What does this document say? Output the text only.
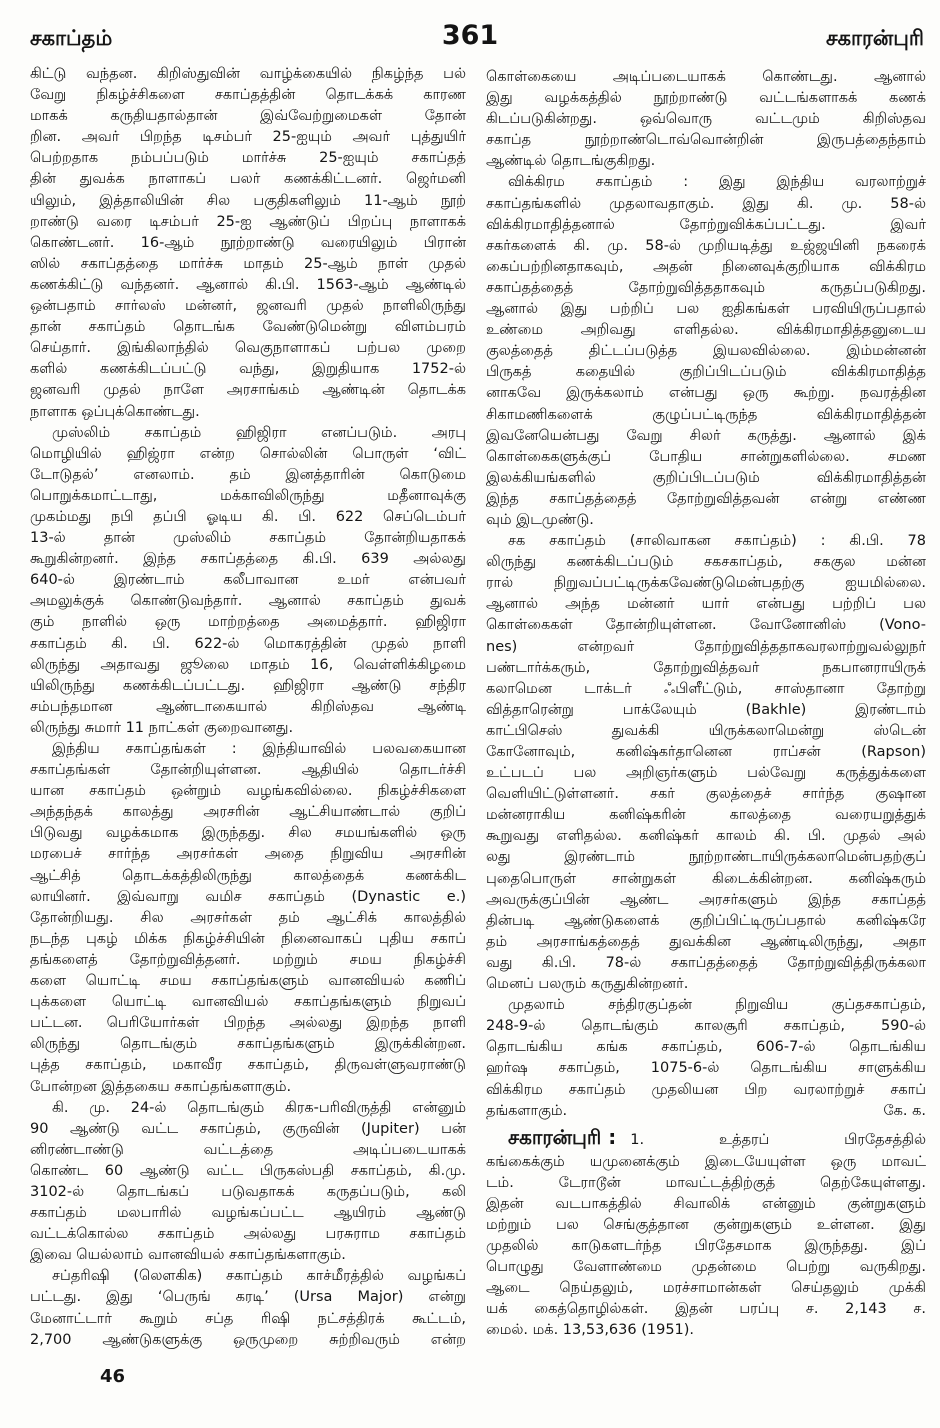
சகாப்தம்	361	சகாரன்புரி
கிட்டு வந்தன. கிறிஸ்துவின் வாழ்க்கையில் நிகழ்ந்த பல்
வேறு நிகழ்ச்சிகளை சகாப்தத்தின் தொடக்கக் காரண
மாகக் கருதியதால்தான் இவ்வேற்றுமைகள் தோன்
றின. அவர் பிறந்த டிசம்பர் 25-ஐயும் அவர் புத்துயிர்
பெற்றதாக நம்பப்படும் மார்ச்சு 25-ஐயும் சகாப்தத்
தின் துவக்க நாளாகப் பலர் கணக்கிட்டனர். ஜெர்மனி
யிலும், இத்தாலியின் சில பகுதிகளிலும் 11-ஆம் நூற்
றாண்டு வரை டிசம்பர் 25-ஐ ஆண்டுப் பிறப்பு நாளாகக்
கொண்டனர். 16-ஆம் நூற்றாண்டு வரையிலும் பிரான்
ஸில் சகாப்தத்தை மார்ச்சு மாதம் 25-ஆம் நாள் முதல்
கணக்கிட்டு வந்தனர். ஆனால் கி.பி. 1563-ஆம் ஆண்டில்
ஒன்பதாம் சார்லஸ் மன்னர், ஜனவரி முதல் நாளிலிருந்து
தான் சகாப்தம் தொடங்க வேண்டுமென்று விளம்பரம்
செய்தார். இங்கிலாந்தில் வெகுநாளாகப் பற்பல முறை
களில் கணக்கிடப்பட்டு வந்து, இறுதியாக 1752-ல்
ஜனவரி முதல் நாளே அரசாங்கம் ஆண்டின் தொடக்க
நாளாக ஒப்புக்கொண்டது.
முஸ்லிம் சகாப்தம் ஹிஜிரா எனப்படும். அரபு
மொழியில் ஹிஜ்ரா என்ற சொல்லின் பொருள் ‘விட்
டோடுதல்’ எனலாம். தம் இனத்தாரின் கொடுமை
பொறுக்கமாட்டாது, மக்காவிலிருந்து மதீனாவுக்கு
முகம்மது நபி தப்பி ஓடிய கி. பி. 622 செப்டெம்பர்
13-ல் தான் முஸ்லிம் சகாப்தம் தோன்றியதாகக்
கூறுகின்றனர். இந்த சகாப்தத்தை கி.பி. 639 அல்லது
640-ல் இரண்டாம் கலீபாவான உமர் என்பவர்
அமலுக்குக் கொண்டுவந்தார். ஆனால் சகாப்தம் துவக்
கும் நாளில் ஒரு மாற்றத்தை அமைத்தார். ஹிஜிரா
சகாப்தம் கி. பி. 622-ல் மொகரத்தின் முதல் நாளி
லிருந்து அதாவது ஜூலை மாதம் 16, வெள்ளிக்கிழமை
யிலிருந்து கணக்கிடப்பட்டது. ஹிஜிரா ஆண்டு சந்திர
சம்பந்தமான ஆண்டாகையால் கிறிஸ்தவ ஆண்டி
லிருந்து சுமார் 11 நாட்கள் குறைவானது.
இந்திய சகாப்தங்கள் : இந்தியாவில் பலவகையான
சகாப்தங்கள் தோன்றியுள்ளன. ஆதியில் தொடர்ச்சி
யான சகாப்தம் ஒன்றும் வழங்கவில்லை. நிகழ்ச்சிகளை
அந்தந்தக் காலத்து அரசரின் ஆட்சியாண்டால் குறிப்
பிடுவது வழக்கமாக இருந்தது. சில சமயங்களில் ஒரு
மரபைச் சார்ந்த அரசர்கள் அதை நிறுவிய அரசரின்
ஆட்சித் தொடக்கத்திலிருந்து காலத்தைக் கணக்கிட
லாயினர். இவ்வாறு வமிச சகாப்தம் (Dynastic e.)
தோன்றியது. சில அரசர்கள் தம் ஆட்சிக் காலத்தில்
நடந்த புகழ் மிக்க நிகழ்ச்சியின் நினைவாகப் புதிய சகாப்
தங்களைத் தோற்றுவித்தனர். மற்றும் சமய நிகழ்ச்சி
களை யொட்டி சமய சகாப்தங்களும் வானவியல் கணிப்
புக்களை யொட்டி வானவியல் சகாப்தங்களும் நிறுவப்
பட்டன. பெரியோர்கள் பிறந்த அல்லது இறந்த நாளி
லிருந்து தொடங்கும் சகாப்தங்களும் இருக்கின்றன.
புத்த சகாப்தம், மகாவீர சகாப்தம், திருவள்ளுவராண்டு
போன்றன இத்தகைய சகாப்தங்களாகும்.
கி. மு. 24-ல் தொடங்கும் கிரக-பரிவிருத்தி என்னும்
90 ஆண்டு வட்ட சகாப்தம், குருவின் (Jupiter) பன்
னிரண்டாண்டு வட்டத்தை அடிப்படையாகக்
கொண்ட 60 ஆண்டு வட்ட பிருகஸ்பதி சகாப்தம், கி.மு.
3102-ல் தொடங்கப் படுவதாகக் கருதப்படும், கலி
சகாப்தம் மலபாரில் வழங்கப்பட்ட ஆயிரம் ஆண்டு
வட்டக்கொல்ல சகாப்தம் அல்லது பரசுராம சகாப்தம்
இவை யெல்லாம் வானவியல் சகாப்தங்களாகும்.
சப்தரிஷி (லௌகிக) சகாப்தம் காச்மீரத்தில் வழங்கப்
பட்டது. இது ‘பெருங் கரடி’ (Ursa Major) என்று
மேனாட்டார் கூறும் சப்த ரிஷி நட்சத்திரக் கூட்டம்,
2,700 ஆண்டுகளுக்கு ஒருமுறை சுற்றிவரும் என்ற
கொள்கையை அடிப்படையாகக் கொண்டது. ஆனால்
இது வழக்கத்தில் நூற்றாண்டு வட்டங்களாகக் கணக்
கிடப்படுகின்றது. ஒவ்வொரு வட்டமும் கிறிஸ்தவ
சகாப்த நூற்றாண்டொவ்வொன்றின் இருபத்தைந்தாம்
ஆண்டில் தொடங்குகிறது.
விக்கிரம சகாப்தம் : இது இந்திய வரலாற்றுச்
சகாப்தங்களில் முதலாவதாகும். இது கி. மு. 58-ல்
விக்கிரமாதித்தனால் தோற்றுவிக்கப்பட்டது. இவர்
சகர்களைக் கி. மு. 58-ல் முறியடித்து உஜ்ஜயினி நகரைக்
கைப்பற்றினதாகவும், அதன் நினைவுக்குறியாக விக்கிரம
சகாப்தத்தைத் தோற்றுவித்ததாகவும் கருதப்படுகிறது.
ஆனால் இது பற்றிப் பல ஐதிகங்கள் பரவியிருப்பதால்
உண்மை அறிவது எளிதல்ல. விக்கிரமாதித்தனுடைய
குலத்தைத் திட்டப்படுத்த இயலவில்லை. இம்மன்னன்
பிருகத் கதையில் குறிப்பிடப்படும் விக்கிரமாதித்த
னாகவே இருக்கலாம் என்பது ஒரு கூற்று. நவரத்தின
சிகாமணிகளைக் குழுப்பட்டிருந்த விக்கிரமாதித்தன்
இவனேயென்பது வேறு சிலர் கருத்து. ஆனால் இக்
கொள்கைகளுக்குப் போதிய சான்றுகளில்லை. சமண
இலக்கியங்களில் குறிப்பிடப்படும் விக்கிரமாதித்தன்
இந்த சகாப்தத்தைத் தோற்றுவித்தவன் என்று எண்ண
வும் இடமுண்டு.
சக சகாப்தம் (சாலிவாகன சகாப்தம்) : கி.பி. 78
லிருந்து கணக்கிடப்படும் சகசகாப்தம், சககுல மன்ன
ரால் நிறுவப்பட்டிருக்கவேண்டுமென்பதற்கு ஐயமில்லை.
ஆனால் அந்த மன்னர் யார் என்பது பற்றிப் பல
கொள்கைகள் தோன்றியுள்ளன. வோனோனிஸ் (Vono-
nes) என்றவர் தோற்றுவித்ததாகவரலாற்றுவல்லுநர்
பண்டார்க்கரும், தோற்றுவித்தவர் நகபானராயிருக்
கலாமென டாக்டர் ஃபிளீட்டும், சாஸ்தானா தோற்று
வித்தாரென்று பாக்லேயும் (Bakhle) இரண்டாம்
காட்பிசெஸ் துவக்கி யிருக்கலாமென்று ஸ்டென்
கோனோவும், கனிஷ்கர்தானென ராப்சன் (Rapson)
உட்படப் பல அறிஞர்களும் பல்வேறு கருத்துக்களை
வெளியிட்டுள்ளனர். சகர் குலத்தைச் சார்ந்த குஷான
மன்னராகிய கனிஷ்கரின் காலத்தை வரையறுத்துக்
கூறுவது எளிதல்ல. கனிஷ்கர் காலம் கி. பி. முதல் அல்
லது இரண்டாம் நூற்றாண்டாயிருக்கலாமென்பதற்குப்
புதைபொருள் சான்றுகள் கிடைக்கின்றன. கனிஷ்கரும்
அவருக்குப்பின் ஆண்ட அரசர்களும் இந்த சகாப்தத்
தின்படி ஆண்டுகளைக் குறிப்பிட்டிருப்பதால் கனிஷ்கரே
தம் அரசாங்கத்தைத் துவக்கின ஆண்டிலிருந்து, அதா
வது கி.பி. 78-ல் சகாப்தத்தைத் தோற்றுவித்திருக்கலா
மெனப் பலரும் கருதுகின்றனர்.
முதலாம் சந்திரகுப்தன் நிறுவிய குப்தசகாப்தம்,
248-9-ல் தொடங்கும் காலசூரி சகாப்தம், 590-ல்
தொடங்கிய கங்க சகாப்தம், 606-7-ல் தொடங்கிய
ஹர்ஷ சகாப்தம், 1075-6-ல் தொடங்கிய சாளுக்கிய
விக்கிரம சகாப்தம் முதலியன பிற வரலாற்றுச் சகாப்
தங்களாகும்.	கே. க.
சகாரன்புரி : 1. உத்தரப் பிரதேசத்தில்
கங்கைக்கும் யமுனைக்கும் இடையேயுள்ள ஒரு மாவட்
டம். டேராடூன் மாவட்டத்திற்குத் தெற்கேயுள்ளது.
இதன் வடபாகத்தில் சிவாலிக் என்னும் குன்றுகளும்
மற்றும் பல செங்குத்தான குன்றுகளும் உள்ளன. இது
முதலில் காடுகளடர்ந்த பிரதேசமாக இருந்தது. இப்
பொழுது வேளாண்மை முதன்மை பெற்று வருகிறது.
ஆடை நெய்தலும், மரச்சாமான்கள் செய்தலும் முக்கி
யக் கைத்தொழில்கள். இதன் பரப்பு ச. 2,143 ச.
மைல். மக். 13,53,636 (1951).
46
